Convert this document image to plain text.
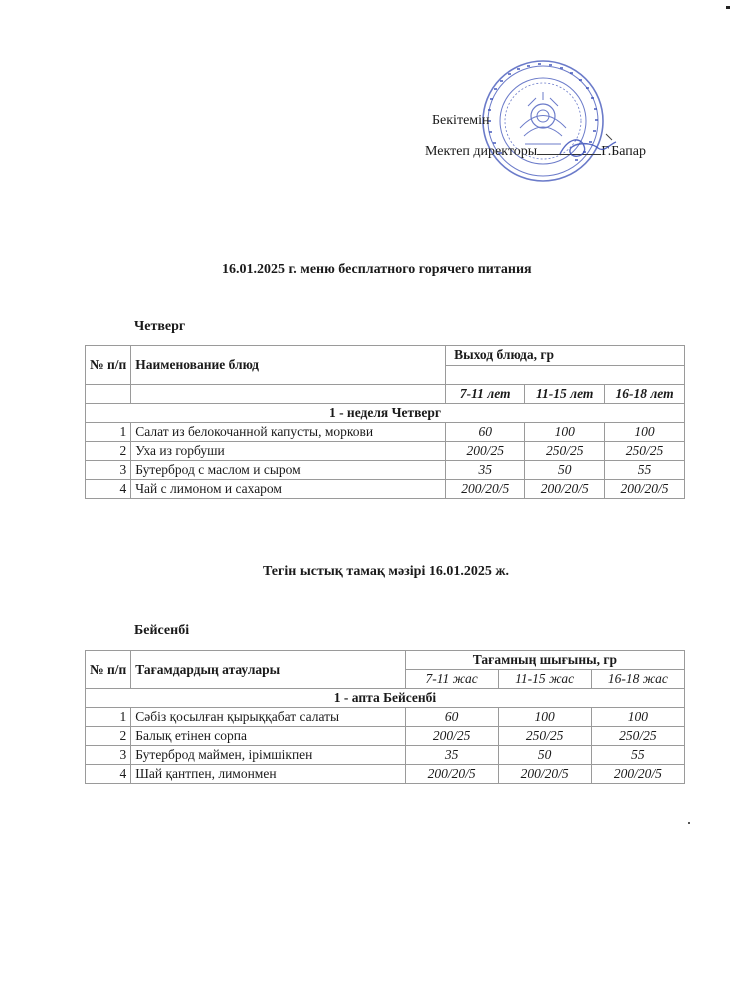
Бекітемін
Мектеп директоры	Г.Бапар
16.01.2025 г. меню бесплатного горячего питания
Четверг
№ п/п	Наименование блюд	Выход блюда, гр		

		7-11 лет	11-15 лет	16-18 лет
1 - неделя Четверг				
1	Салат из белокочанной капусты, моркови	60	100	100
2	Уха из горбуши	200/25	250/25	250/25
3	Бутерброд с маслом и сыром	35	50	55
4	Чай с лимоном и сахаром	200/20/5	200/20/5	200/20/5
Тегін ыстық тамақ мәзірі 16.01.2025 ж.
Бейсенбі
№ п/п	Тағамдардың атаулары	Тағамның шығыны, гр		
		7-11 жас	11-15 жас	16-18 жас
1 - апта Бейсенбі				
1	Сәбіз қосылған қырыққабат салаты	60	100	100
2	Балық етінен сорпа	200/25	250/25	250/25
3	Бутерброд маймен, ірімшікпен	35	50	55
4	Шай қантпен, лимонмен	200/20/5	200/20/5	200/20/5
